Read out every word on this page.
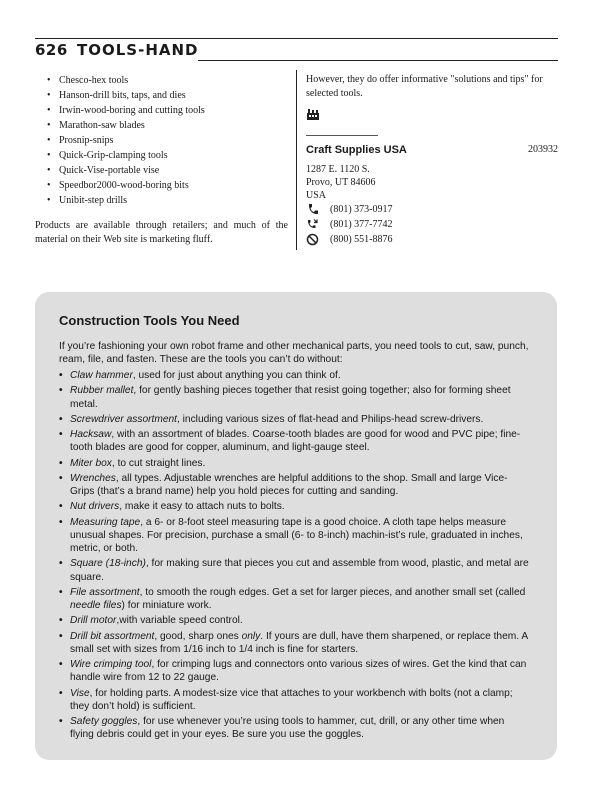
626 TOOLS-HAND
• Chesco-hex tools
• Hanson-drill bits, taps, and dies
• Irwin-wood-boring and cutting tools
• Marathon-saw blades
• Prosnip-snips
• Quick-Grip-clamping tools
• Quick-Vise-portable vise
• Speedbor2000-wood-boring bits
• Unibit-step drills

Products are available through retailers; and much of the material on their Web site is marketing fluff.

However, they do offer informative "solutions and tips" for selected tools.

Craft Supplies USA	203932
1287 E. 1120 S.
Provo, UT 84606
USA
(801) 373-0917
(801) 377-7742
(800) 551-8876
Construction Tools You Need

If you’re fashioning your own robot frame and other mechanical parts, you need tools to cut, saw, punch, ream, file, and fasten. These are the tools you can’t do without:

• Claw hammer, used for just about anything you can think of.
• Rubber mallet, for gently bashing pieces together that resist going together; also for forming sheet metal.
• Screwdriver assortment, including various sizes of flat-head and Philips-head screw-drivers.
• Hacksaw, with an assortment of blades. Coarse-tooth blades are good for wood and PVC pipe; fine-tooth blades are good for copper, aluminum, and light-gauge steel.
• Miter box, to cut straight lines.
• Wrenches, all types. Adjustable wrenches are helpful additions to the shop. Small and large Vice-Grips (that’s a brand name) help you hold pieces for cutting and sanding.
• Nut drivers, make it easy to attach nuts to bolts.
• Measuring tape, a 6- or 8-foot steel measuring tape is a good choice. A cloth tape helps measure unusual shapes. For precision, purchase a small (6- to 8-inch) machin-ist’s rule, graduated in inches, metric, or both.
• Square (18-inch), for making sure that pieces you cut and assemble from wood, plastic, and metal are square.
• File assortment, to smooth the rough edges. Get a set for larger pieces, and another small set (called needle files) for miniature work.
• Drill motor,with variable speed control.
• Drill bit assortment, good, sharp ones only. If yours are dull, have them sharpened, or replace them. A small set with sizes from 1/16 inch to 1/4 inch is fine for starters.
• Wire crimping tool, for crimping lugs and connectors onto various sizes of wires. Get the kind that can handle wire from 12 to 22 gauge.
• Vise, for holding parts. A modest-size vice that attaches to your workbench with bolts (not a clamp; they don’t hold) is sufficient.
• Safety goggles, for use whenever you’re using tools to hammer, cut, drill, or any other time when flying debris could get in your eyes. Be sure you use the goggles.
